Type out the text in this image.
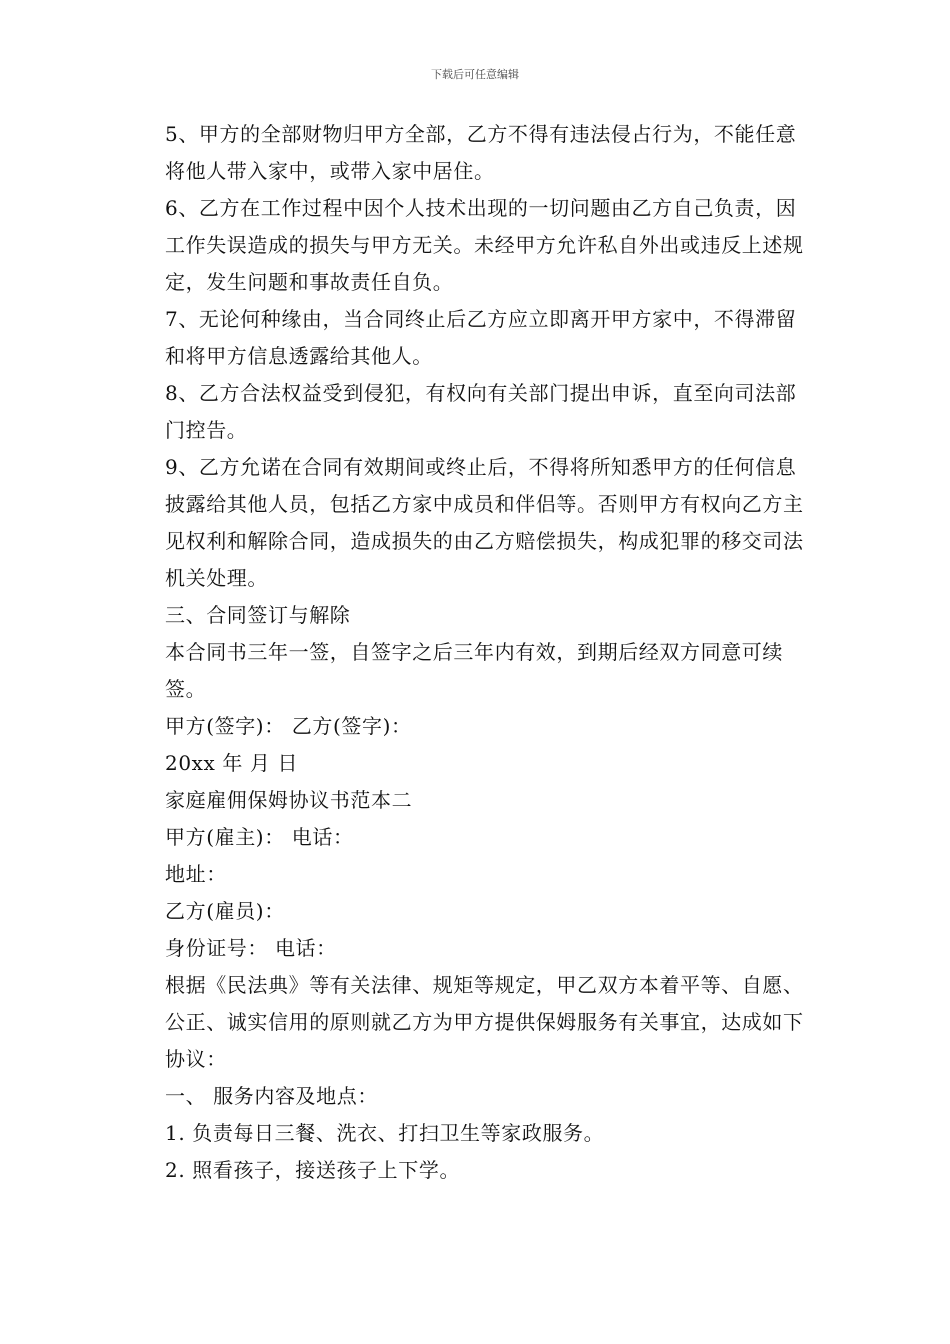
下载后可任意编辑

5、甲方的全部财物归甲方全部，乙方不得有违法侵占行为，不能任意将他人带入家中，或带入家中居住。

6、乙方在工作过程中因个人技术出现的一切问题由乙方自己负责，因工作失误造成的损失与甲方无关。未经甲方允许私自外出或违反上述规定，发生问题和事故责任自负。

7、无论何种缘由，当合同终止后乙方应立即离开甲方家中，不得滞留和将甲方信息透露给其他人。

8、乙方合法权益受到侵犯，有权向有关部门提出申诉，直至向司法部门控告。

9、乙方允诺在合同有效期间或终止后，不得将所知悉甲方的任何信息披露给其他人员，包括乙方家中成员和伴侣等。否则甲方有权向乙方主见权利和解除合同，造成损失的由乙方赔偿损失，构成犯罪的移交司法机关处理。

三、合同签订与解除

本合同书三年一签，自签字之后三年内有效，到期后经双方同意可续签。

甲方(签字)： 乙方(签字)：

20xx 年 月 日

家庭雇佣保姆协议书范本二

甲方(雇主)： 电话：

地址：

乙方(雇员)：

身份证号： 电话：

根据《民法典》等有关法律、规矩等规定，甲乙双方本着平等、自愿、公正、诚实信用的原则就乙方为甲方提供保姆服务有关事宜，达成如下协议：

一、 服务内容及地点：

1. 负责每日三餐、洗衣、打扫卫生等家政服务。

2. 照看孩子，接送孩子上下学。
